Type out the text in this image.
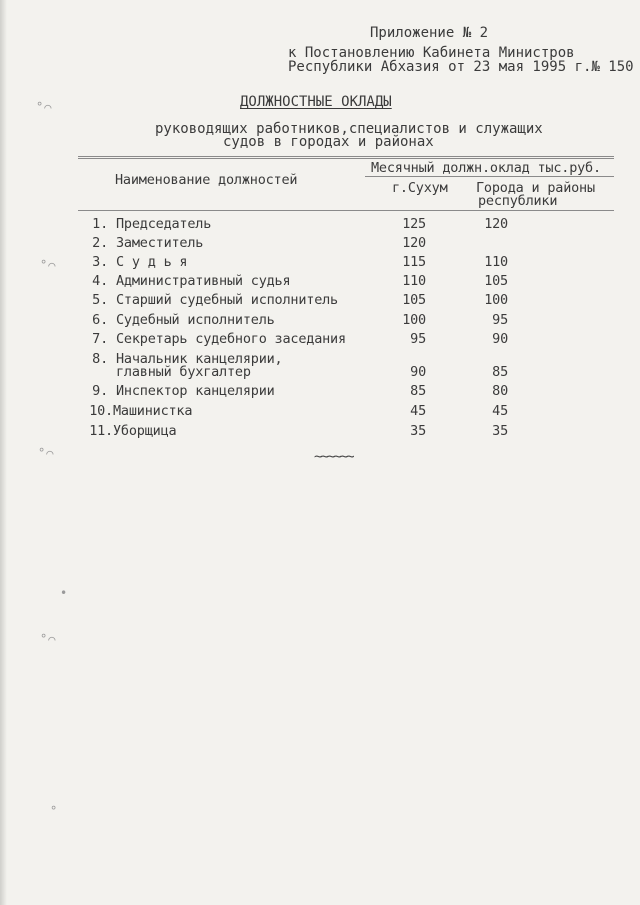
°⌒
°⌒
°⌒
•
°⌒
°
Приложение № 2
к Постановлению Кабинета Министров
Республики Абхазия от 23 мая 1995 г.№ 150
ДОЛЖНОСТНЫЕ ОКЛАДЫ
руководящих работников,специалистов и служащих
судов в городах и районах
Наименование должностей
Месячный должн.оклад тыс.руб.
г.Сухум Города и районы
республики
1. Председатель	125	120
2. Заместитель	120
3. С у д ь я	115	110
4. Административный судья	110	105
5. Старший судебный исполнитель	105	100
6. Судебный исполнитель	100	95
7. Секретарь судебного заседания	95	90
8. Начальник канцелярии,
главный бухгалтер	90	85
9. Инспектор канцелярии	85	80
10. Машинистка	45	45
11. Уборщица	35	35
~~~~~~
